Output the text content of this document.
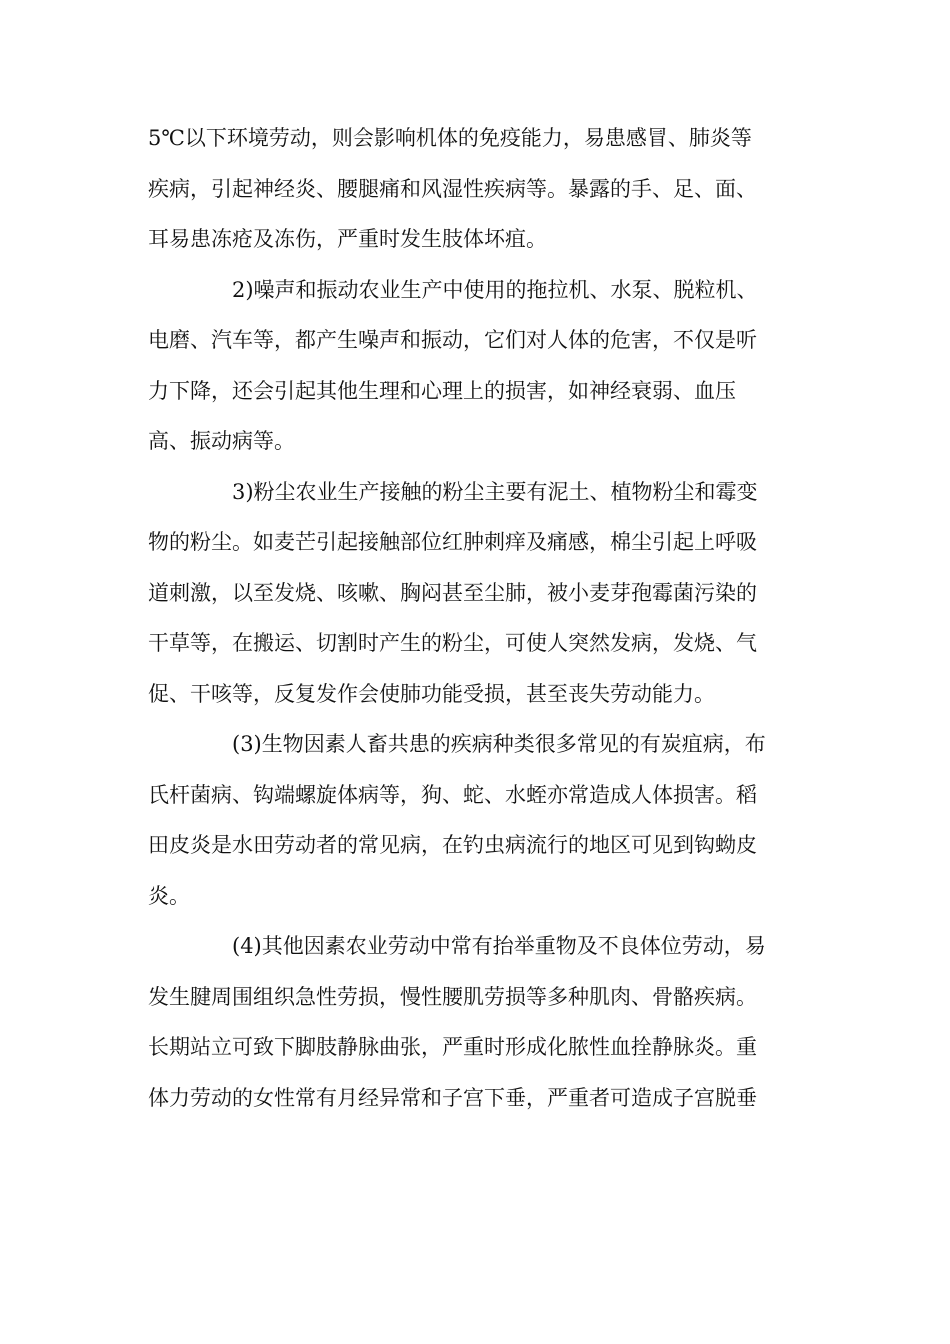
5℃以下环境劳动，则会影响机体的免疫能力，易患感冒、肺炎等
疾病，引起神经炎、腰腿痛和风湿性疾病等。暴露的手、足、面、
耳易患冻疮及冻伤，严重时发生肢体坏疽。
2)噪声和振动农业生产中使用的拖拉机、水泵、脱粒机、
电磨、汽车等，都产生噪声和振动，它们对人体的危害，不仅是听
力下降，还会引起其他生理和心理上的损害，如神经衰弱、血压
高、振动病等。
3)粉尘农业生产接触的粉尘主要有泥土、植物粉尘和霉变
物的粉尘。如麦芒引起接触部位红肿刺痒及痛感，棉尘引起上呼吸
道刺激，以至发烧、咳嗽、胸闷甚至尘肺，被小麦芽孢霉菌污染的
干草等，在搬运、切割时产生的粉尘，可使人突然发病，发烧、气
促、干咳等，反复发作会使肺功能受损，甚至丧失劳动能力。
(3)生物因素人畜共患的疾病种类很多常见的有炭疽病，布
氏杆菌病、钩端螺旋体病等，狗、蛇、水蛭亦常造成人体损害。稻
田皮炎是水田劳动者的常见病，在钓虫病流行的地区可见到钩蚴皮
炎。
(4)其他因素农业劳动中常有抬举重物及不良体位劳动，易
发生腱周围组织急性劳损，慢性腰肌劳损等多种肌肉、骨骼疾病。
长期站立可致下脚肢静脉曲张，严重时形成化脓性血拴静脉炎。重
体力劳动的女性常有月经异常和子宫下垂，严重者可造成子宫脱垂
